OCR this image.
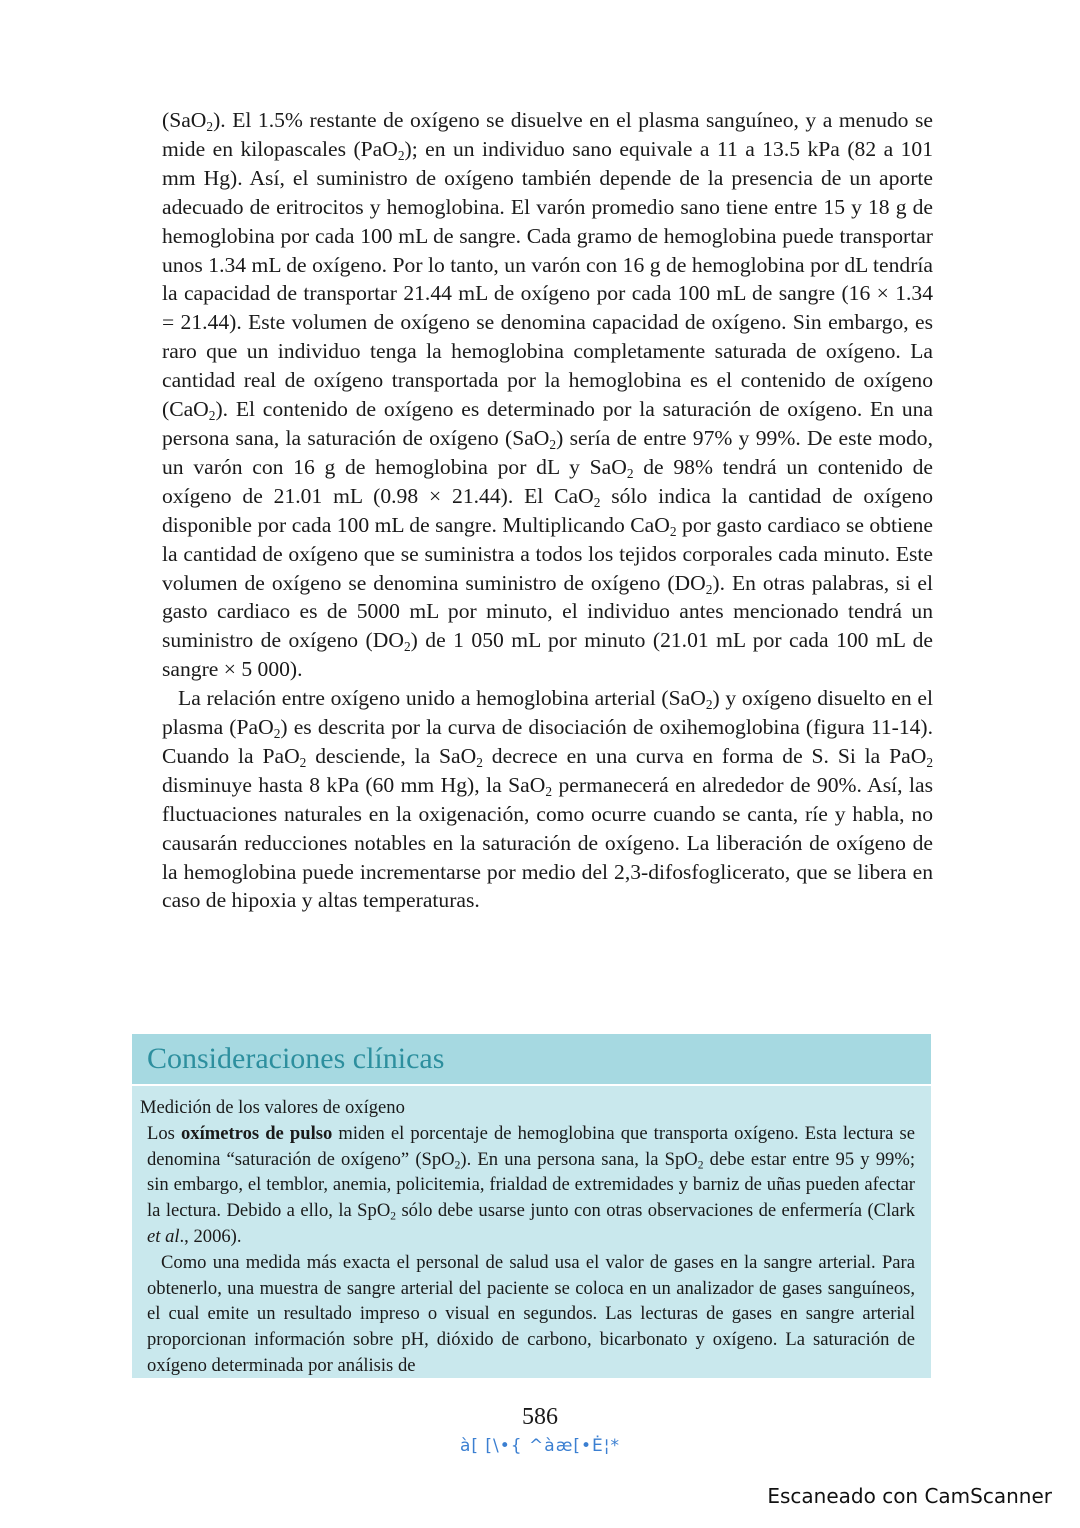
(SaO$_2$). El 1.5% restante de oxígeno se disuelve en el plasma sanguíneo, y a menudo se mide en kilopascales (PaO$_2$); en un individuo sano equivale a 11 a 13.5 kPa (82 a 101 mm Hg). Así, el suministro de oxígeno también depende de la presencia de un aporte adecuado de eritrocitos y hemoglobina. El varón promedio sano tiene entre 15 y 18 g de hemoglobina por cada 100 mL de sangre. Cada gramo de hemoglobina puede transportar unos 1.34 mL de oxígeno. Por lo tanto, un varón con 16 g de hemoglobina por dL tendría la capacidad de transportar 21.44 mL de oxígeno por cada 100 mL de sangre (16 × 1.34 = 21.44). Este volumen de oxígeno se denomina capacidad de oxígeno. Sin embargo, es raro que un individuo tenga la hemoglobina completamente saturada de oxígeno. La cantidad real de oxígeno transportada por la hemoglobina es el contenido de oxígeno (CaO$_2$). El contenido de oxígeno es determinado por la saturación de oxígeno. En una persona sana, la saturación de oxígeno (SaO$_2$) sería de entre 97% y 99%. De este modo, un varón con 16 g de hemoglobina por dL y SaO$_2$ de 98% tendrá un contenido de oxígeno de 21.01 mL (0.98 × 21.44). El CaO$_2$ sólo indica la cantidad de oxígeno disponible por cada 100 mL de sangre. Multiplicando CaO$_2$ por gasto cardiaco se obtiene la cantidad de oxígeno que se suministra a todos los tejidos corporales cada minuto. Este volumen de oxígeno se denomina suministro de oxígeno $(DO_2)$. En otras palabras, si el gasto cardiaco es de 5000 mL por minuto, el individuo antes mencionado tendrá un suministro de oxígeno $(DO_2)$ de 1 050 mL por minuto (21.01 mL por cada 100 mL de sangre × 5 000).

La relación entre oxígeno unido a hemoglobina arterial (SaO$_2$) y oxígeno disuelto en el plasma (PaO$_2$) es descrita por la curva de disociación de oxihemoglobina (figura 11-14). Cuando la PaO$_2$ desciende, la SaO$_2$ decrece en una curva en forma de S. Si la PaO$_2$ disminuye hasta 8 kPa (60 mm Hg), la SaO$_2$ permanecerá en alrededor de 90%. Así, las fluctuaciones naturales en la oxigenación, como ocurre cuando se canta, ríe y habla, no causarán reducciones notables en la saturación de oxígeno. La liberación de oxígeno de la hemoglobina puede incrementarse por medio del 2,3-difosfoglicerato, que se libera en caso de hipoxia y altas temperaturas.

Consideraciones clínicas

Medición de los valores de oxígeno

Los oxímetros de pulso miden el porcentaje de hemoglobina que transporta oxígeno. Esta lectura se denomina “saturación de oxígeno” (SpO$_2$). En una persona sana, la SpO$_2$ debe estar entre 95 y 99%; sin embargo, el temblor, anemia, policitemia, frialdad de extremidades y barniz de uñas pueden afectar la lectura. Debido a ello, la SpO$_2$ sólo debe usarse junto con otras observaciones de enfermería (Clark et al., 2006).

Como una medida más exacta el personal de salud usa el valor de gases en la sangre arterial. Para obtenerlo, una muestra de sangre arterial del paciente se coloca en un analizador de gases sanguíneos, el cual emite un resultado impreso o visual en segundos. Las lecturas de gases en sangre arterial proporcionan información sobre pH, dióxido de carbono, bicarbonato y oxígeno. La saturación de oxígeno determinada por análisis de

586
à[ [\•{ ^àæ[•Ė¦*
Escaneado con CamScanner
